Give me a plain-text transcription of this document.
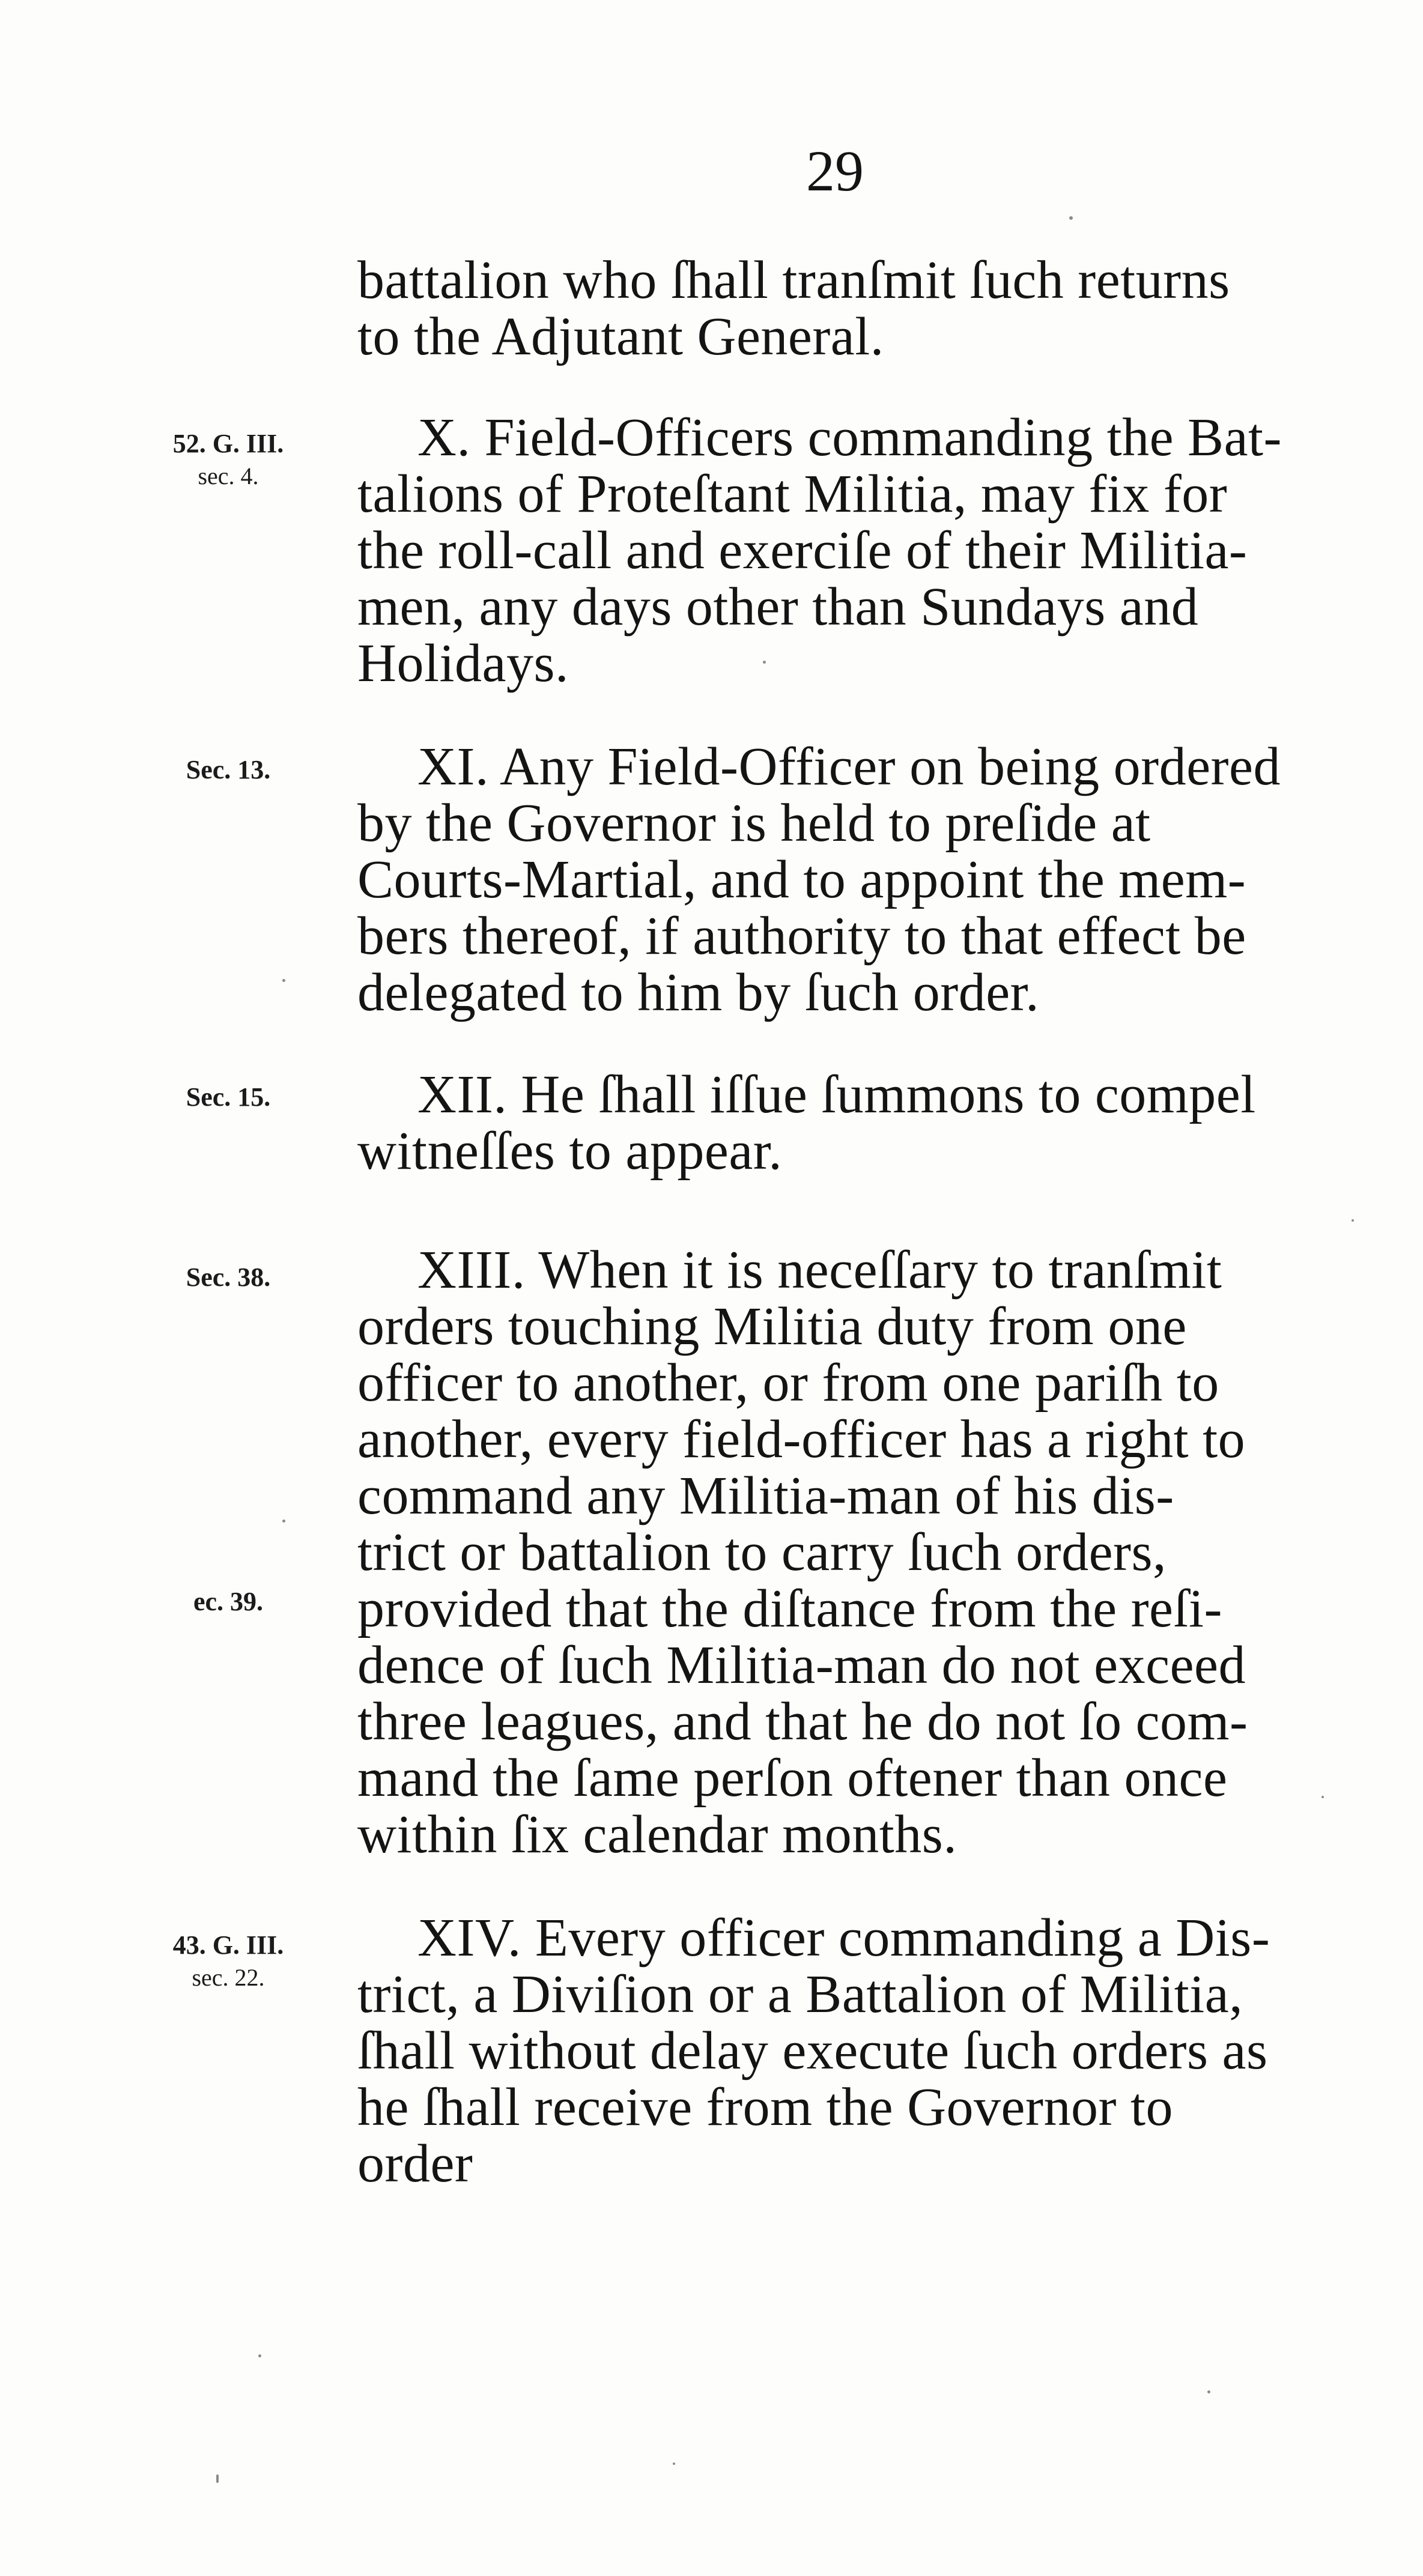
29
battalion who ſhall tranſmit ſuch returns
to the Adjutant General.
52. G. III.
sec. 4.
X. Field-Officers commanding the Bat-
talions of Proteſtant Militia, may fix for
the roll-call and exerciſe of their Militia-
men, any days other than Sundays and
Holidays.
Sec. 13.	XI. Any Field-Officer on being ordered
by the Governor is held to preſide at
Courts-Martial, and to appoint the mem-
bers thereof, if authority to that effect be
delegated to him by ſuch order.
Sec. 15.	XII. He ſhall iſſue ſummons to compel
witneſſes to appear.
Sec. 38.
ec. 39.
XIII. When it is neceſſary to tranſmit
orders touching Militia duty from one
officer to another, or from one pariſh to
another, every field-officer has a right to
command any Militia-man of his dis-
trict or battalion to carry ſuch orders,
provided that the diſtance from the reſi-
dence of ſuch Militia-man do not exceed
three leagues, and that he do not ſo com-
mand the ſame perſon oftener than once
within ſix calendar months.
43. G. III.
sec. 22.
XIV. Every officer commanding a Dis-
trict, a Diviſion or a Battalion of Militia,
ſhall without delay execute ſuch orders as
he ſhall receive from the Governor to
order
